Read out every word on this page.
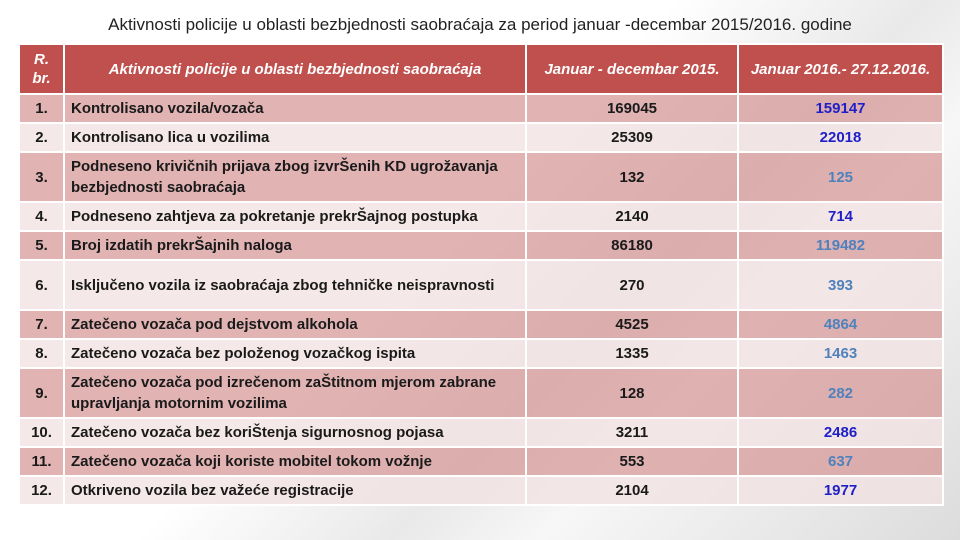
Aktivnosti policije u oblasti bezbjednosti saobraćaja za period januar -decembar 2015/2016. godine
R. br.	Aktivnosti policije u oblasti bezbjednosti saobraćaja	Januar - decembar 2015.	Januar 2016.- 27.12.2016.
1.	Kontrolisano vozila/vozača	169045	159147
2.	Kontrolisano lica u vozilima	25309	22018
3.	Podneseno krivičnih prijava zbog izvrŠenih KD ugrožavanja bezbjednosti saobraćaja	132	125
4.	Podneseno zahtjeva za pokretanje prekrŠajnog postupka	2140	714
5.	Broj izdatih prekrŠajnih naloga	86180	119482
6.	Isključeno vozila iz saobraćaja zbog tehničke neispravnosti	270	393
7.	Zatečeno vozača pod dejstvom alkohola	4525	4864
8.	Zatečeno vozača bez položenog vozačkog ispita	1335	1463
9.	Zatečeno vozača pod izrečenom zaŠtitnom mjerom zabrane upravljanja motornim vozilima	128	282
10.	Zatečeno vozača bez koriŠtenja sigurnosnog pojasa	3211	2486
11.	Zatečeno vozača koji koriste mobitel tokom vožnje	553	637
12.	Otkriveno vozila bez važeće registracije	2104	1977
